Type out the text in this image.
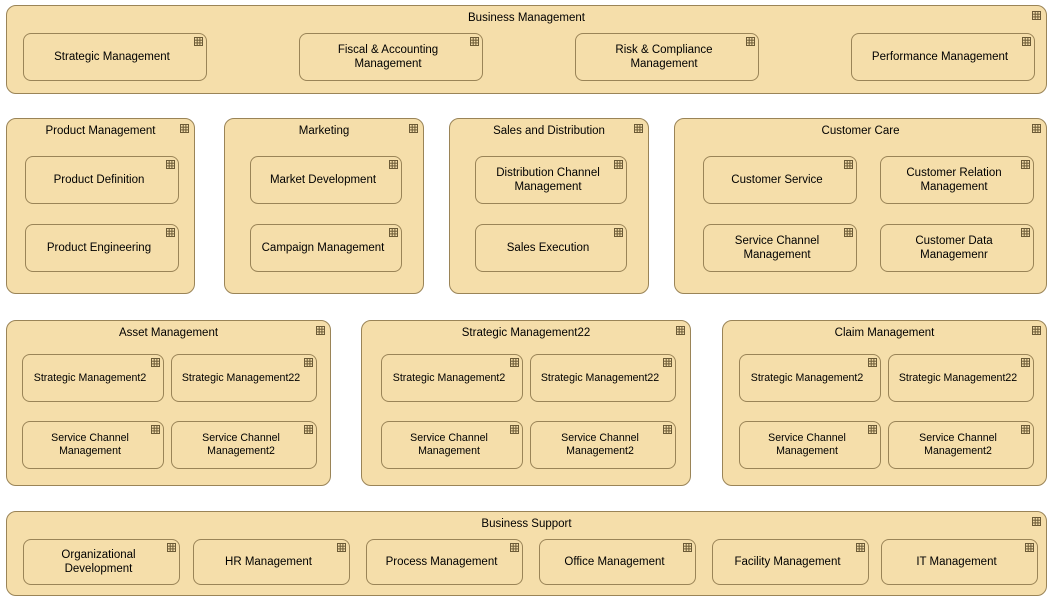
Business Management
Strategic Management
Fiscal & Accounting Management
Risk & Compliance Management
Performance Management
Product Management
Product Definition
Product Engineering
Marketing
Market Development
Campaign Management
Sales and Distribution
Distribution Channel Management
Sales Execution
Customer Care
Customer Service
Customer Relation Management
Service Channel Management
Customer Data Managemenr
Asset Management
Strategic Management2	Strategic Management22
Service Channel Management
Service Channel Management2
Strategic Management22
Strategic Management2	Strategic Management22
Service Channel Management
Service Channel Management2
Claim Management
Strategic Management2	Strategic Management22
Service Channel Management
Service Channel Management2
Business Support
Organizational Development
HR Management	Process Management	Office Management	Facility Management	IT Management
